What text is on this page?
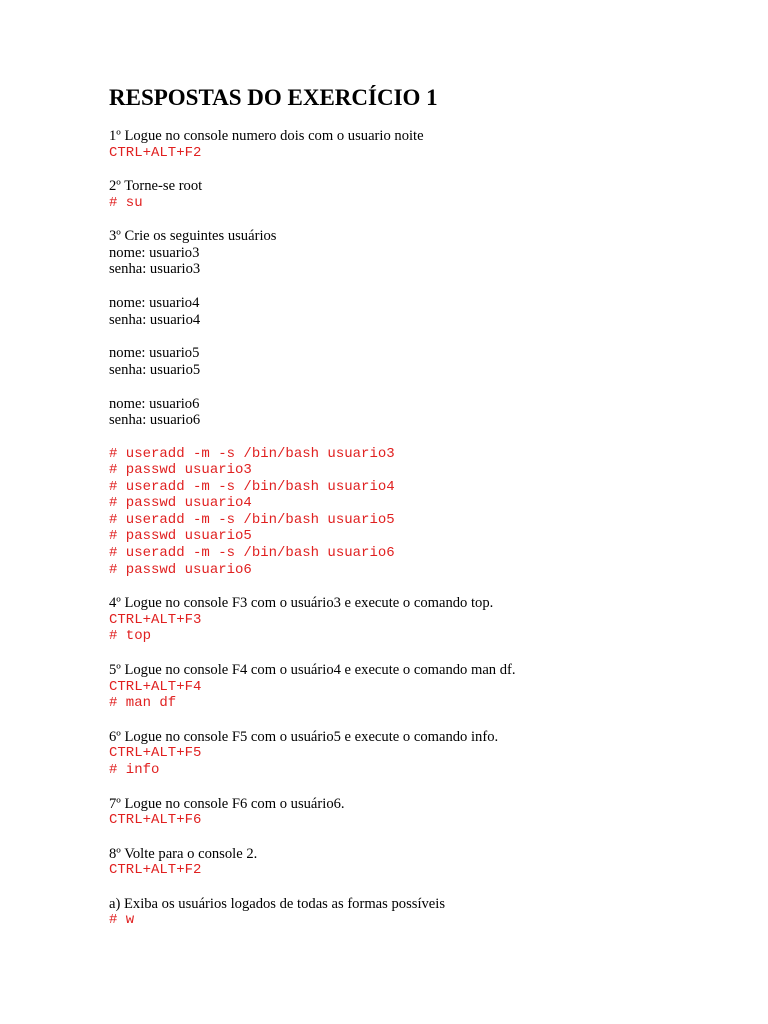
RESPOSTAS DO EXERCÍCIO 1
1º Logue no console numero dois com o usuario noite
CTRL+ALT+F2
2º Torne-se root
# su
3º Crie os seguintes usuários
nome: usuario3
senha: usuario3
nome: usuario4
senha: usuario4
nome: usuario5
senha: usuario5
nome: usuario6
senha: usuario6
# useradd -m -s /bin/bash usuario3
# passwd usuario3
# useradd -m -s /bin/bash usuario4
# passwd usuario4
# useradd -m -s /bin/bash usuario5
# passwd usuario5
# useradd -m -s /bin/bash usuario6
# passwd usuario6
4º Logue no console F3 com o usuário3 e execute o comando top.
CTRL+ALT+F3
# top
5º Logue no console F4 com o usuário4 e execute o comando man df.
CTRL+ALT+F4
# man df
6º Logue no console F5 com o usuário5 e execute o comando info.
CTRL+ALT+F5
# info
7º Logue no console F6 com o usuário6.
CTRL+ALT+F6
8º Volte para o console 2.
CTRL+ALT+F2
a) Exiba os usuários logados de todas as formas possíveis
# w
